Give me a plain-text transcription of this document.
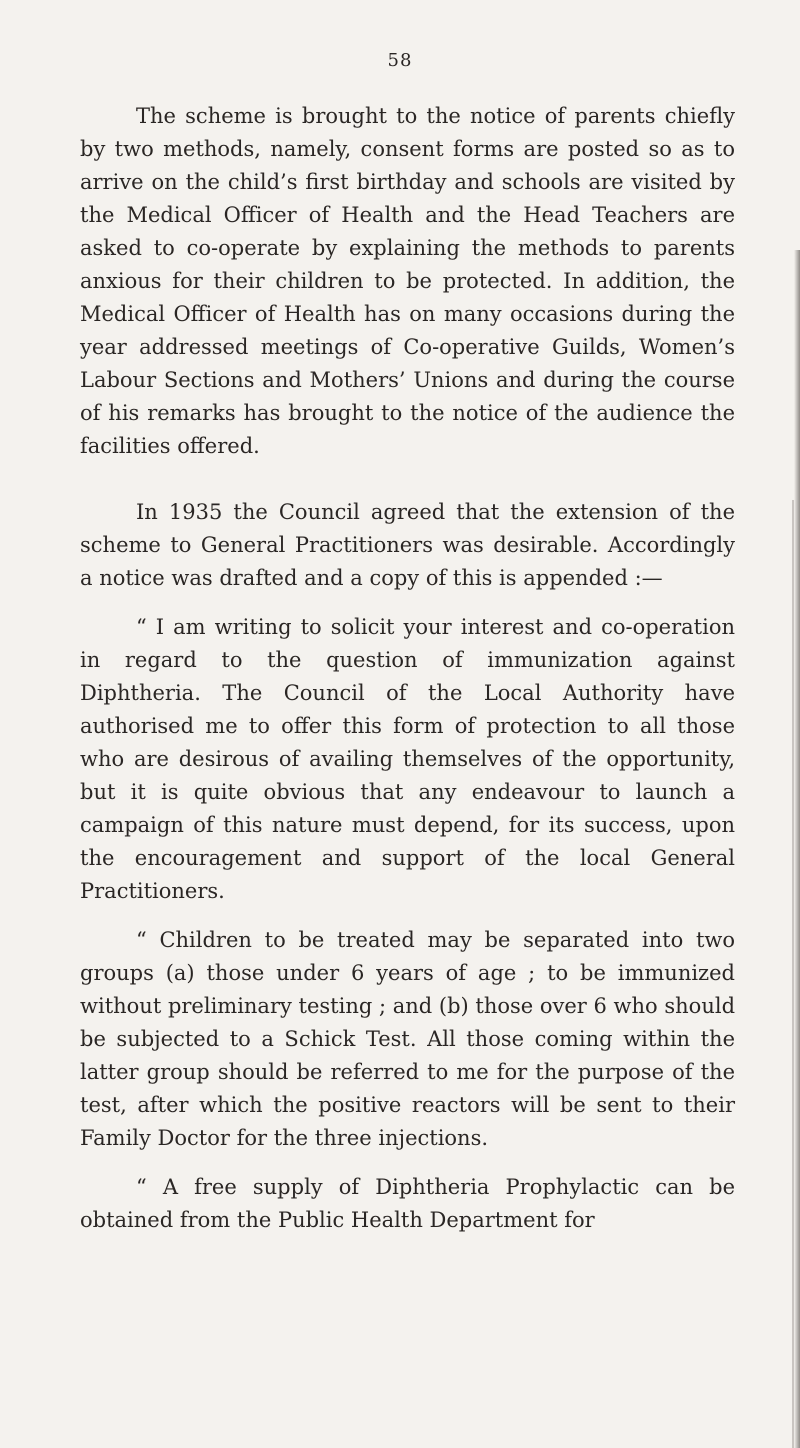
58

The scheme is brought to the notice of parents chiefly by two methods, namely, consent forms are posted so as to arrive on the child’s first birthday and schools are visited by the Medical Officer of Health and the Head Teachers are asked to co-operate by explaining the methods to parents anxious for their children to be protected. In addition, the Medical Officer of Health has on many occasions during the year addressed meetings of Co-operative Guilds, Women’s Labour Sections and Mothers’ Unions and during the course of his remarks has brought to the notice of the audience the facilities offered.

In 1935 the Council agreed that the extension of the scheme to General Practitioners was desirable. Accordingly a notice was drafted and a copy of this is appended :—

“ I am writing to solicit your interest and co-operation in regard to the question of immunization against Diphtheria. The Council of the Local Authority have authorised me to offer this form of protection to all those who are desirous of availing themselves of the opportunity, but it is quite obvious that any endeavour to launch a campaign of this nature must depend, for its success, upon the encouragement and support of the local General Practitioners.

“ Children to be treated may be separated into two groups (a) those under 6 years of age ; to be immunized without preliminary testing ; and (b) those over 6 who should be subjected to a Schick Test. All those coming within the latter group should be referred to me for the purpose of the test, after which the positive reactors will be sent to their Family Doctor for the three injections.

“ A free supply of Diphtheria Prophylactic can be obtained from the Public Health Department for
